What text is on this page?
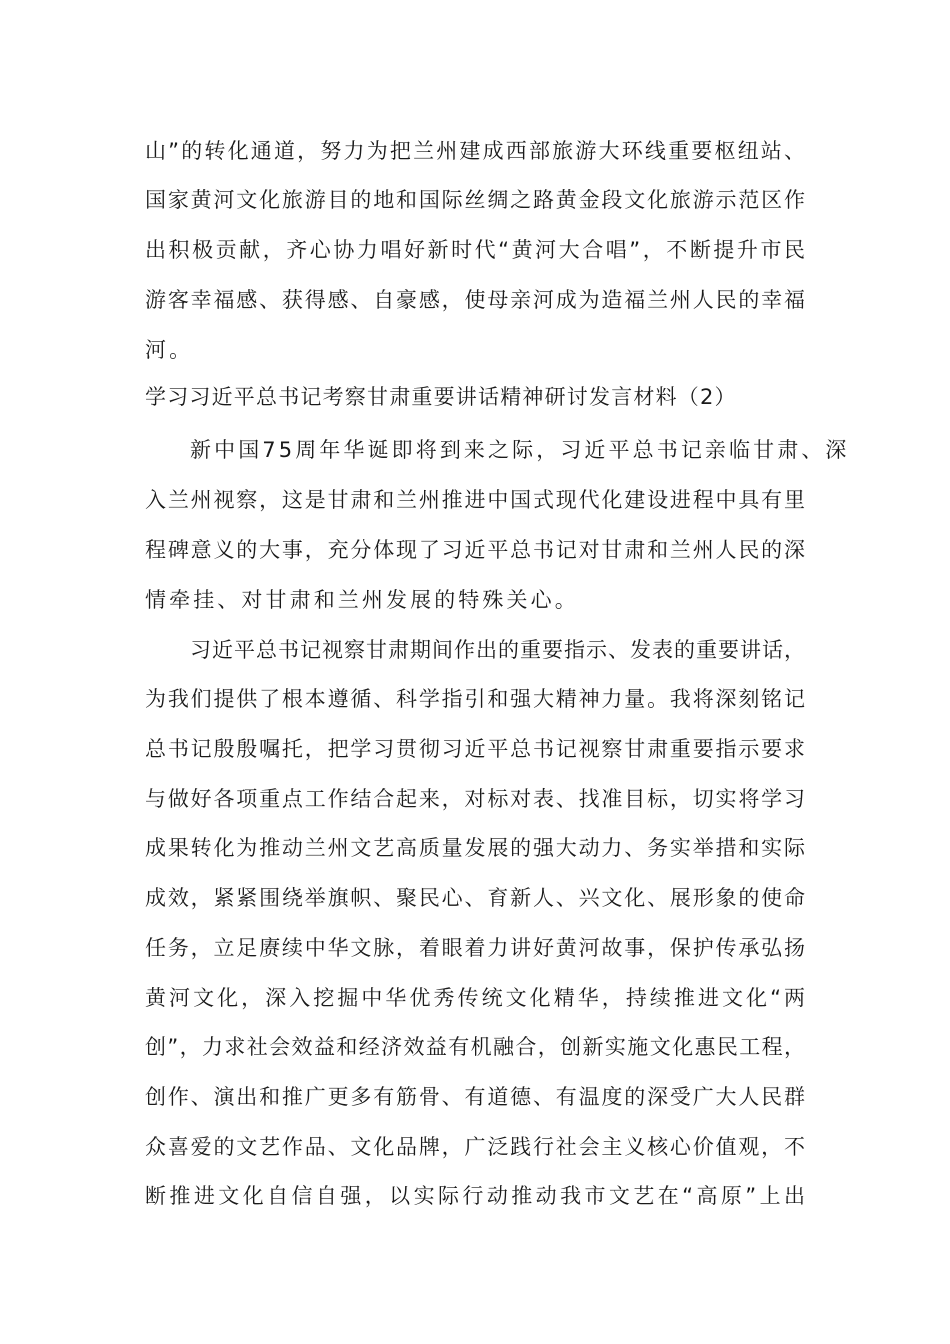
山”的转化通道，努力为把兰州建成西部旅游大环线重要枢纽站、
国家黄河文化旅游目的地和国际丝绸之路黄金段文化旅游示范区作
出积极贡献，齐心协力唱好新时代“黄河大合唱”，不断提升市民
游客幸福感、获得感、自豪感，使母亲河成为造福兰州人民的幸福
河。
学习习近平总书记考察甘肃重要讲话精神研讨发言材料（2）
新中国75周年华诞即将到来之际，习近平总书记亲临甘肃、深
入兰州视察，这是甘肃和兰州推进中国式现代化建设进程中具有里
程碑意义的大事，充分体现了习近平总书记对甘肃和兰州人民的深
情牵挂、对甘肃和兰州发展的特殊关心。
习近平总书记视察甘肃期间作出的重要指示、发表的重要讲话，
为我们提供了根本遵循、科学指引和强大精神力量。我将深刻铭记
总书记殷殷嘱托，把学习贯彻习近平总书记视察甘肃重要指示要求
与做好各项重点工作结合起来，对标对表、找准目标，切实将学习
成果转化为推动兰州文艺高质量发展的强大动力、务实举措和实际
成效，紧紧围绕举旗帜、聚民心、育新人、兴文化、展形象的使命
任务，立足赓续中华文脉，着眼着力讲好黄河故事，保护传承弘扬
黄河文化，深入挖掘中华优秀传统文化精华，持续推进文化“两
创”，力求社会效益和经济效益有机融合，创新实施文化惠民工程，
创作、演出和推广更多有筋骨、有道德、有温度的深受广大人民群
众喜爱的文艺作品、文化品牌，广泛践行社会主义核心价值观，不
断推进文化自信自强，以实际行动推动我市文艺在“高原”上出
